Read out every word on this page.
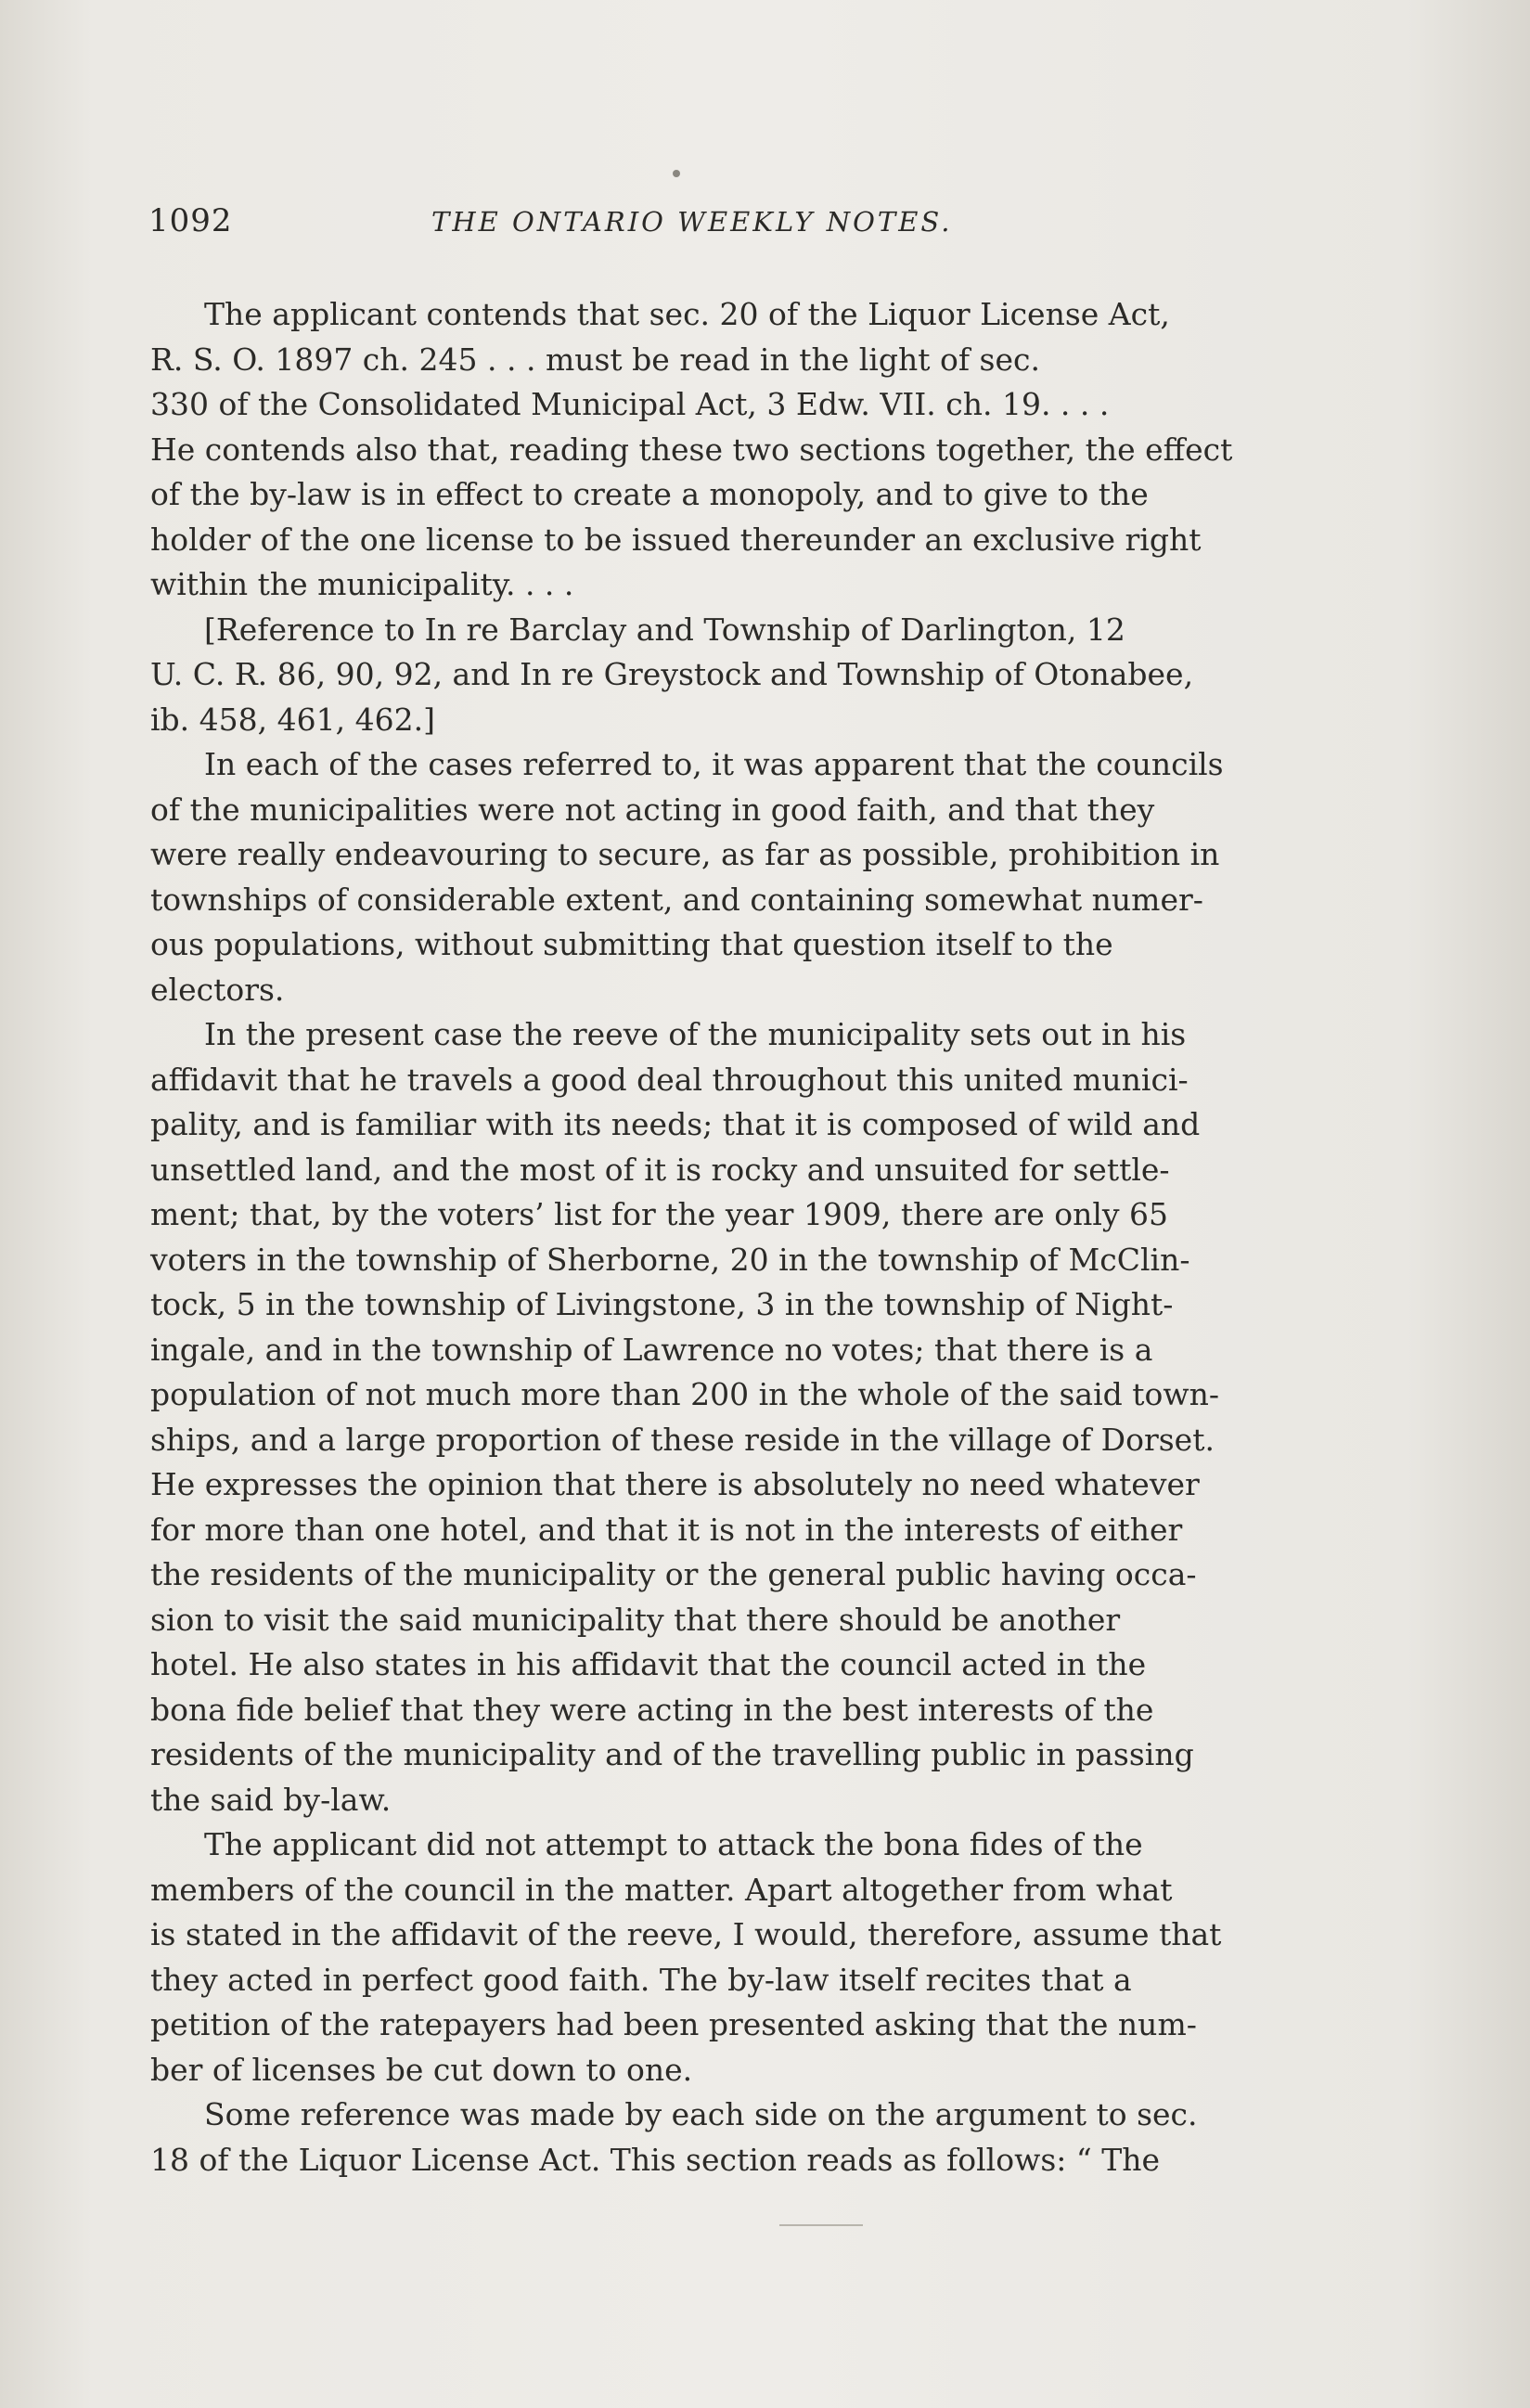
1092	THE ONTARIO WEEKLY NOTES.

The applicant contends that sec. 20 of the Liquor License Act,
R. S. O. 1897 ch. 245 . . . must be read in the light of sec.
330 of the Consolidated Municipal Act, 3 Edw. VII. ch. 19. . . .
He contends also that, reading these two sections together, the effect
of the by-law is in effect to create a monopoly, and to give to the
holder of the one license to be issued thereunder an exclusive right
within the municipality. . . .

[Reference to In re Barclay and Township of Darlington, 12
U. C. R. 86, 90, 92, and In re Greystock and Township of Otonabee,
ib. 458, 461, 462.]

In each of the cases referred to, it was apparent that the councils
of the municipalities were not acting in good faith, and that they
were really endeavouring to secure, as far as possible, prohibition in
townships of considerable extent, and containing somewhat numer-
ous populations, without submitting that question itself to the
electors.

In the present case the reeve of the municipality sets out in his
affidavit that he travels a good deal throughout this united munici-
pality, and is familiar with its needs; that it is composed of wild and
unsettled land, and the most of it is rocky and unsuited for settle-
ment; that, by the voters’ list for the year 1909, there are only 65
voters in the township of Sherborne, 20 in the township of McClin-
tock, 5 in the township of Livingstone, 3 in the township of Night-
ingale, and in the township of Lawrence no votes; that there is a
population of not much more than 200 in the whole of the said town-
ships, and a large proportion of these reside in the village of Dorset.
He expresses the opinion that there is absolutely no need whatever
for more than one hotel, and that it is not in the interests of either
the residents of the municipality or the general public having occa-
sion to visit the said municipality that there should be another
hotel. He also states in his affidavit that the council acted in the
bona fide belief that they were acting in the best interests of the
residents of the municipality and of the travelling public in passing
the said by-law.

The applicant did not attempt to attack the bona fides of the
members of the council in the matter. Apart altogether from what
is stated in the affidavit of the reeve, I would, therefore, assume that
they acted in perfect good faith. The by-law itself recites that a
petition of the ratepayers had been presented asking that the num-
ber of licenses be cut down to one.

Some reference was made by each side on the argument to sec.
18 of the Liquor License Act. This section reads as follows: “ The
